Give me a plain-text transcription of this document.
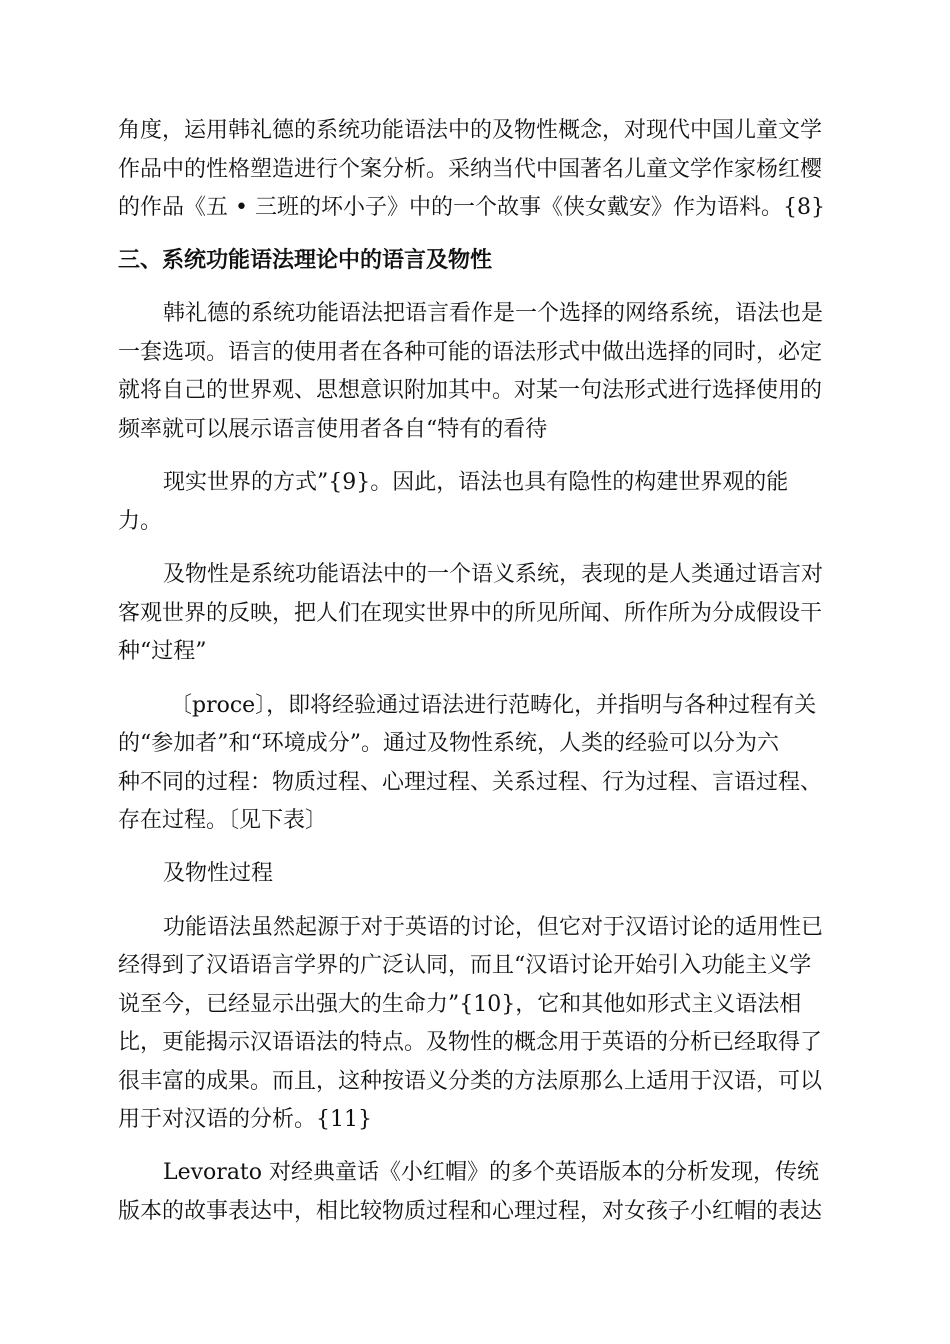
角度，运用韩礼德的系统功能语法中的及物性概念，对现代中国儿童文学
作品中的性格塑造进行个案分析。采纳当代中国著名儿童文学作家杨红樱
的作品《五 • 三班的坏小子》中的一个故事《侠女戴安》作为语料。{8}
三、系统功能语法理论中的语言及物性
韩礼德的系统功能语法把语言看作是一个选择的网络系统，语法也是
一套选项。语言的使用者在各种可能的语法形式中做出选择的同时，必定
就将自己的世界观、思想意识附加其中。对某一句法形式进行选择使用的
频率就可以展示语言使用者各自“特有的看待
现实世界的方式”{9}。因此，语法也具有隐性的构建世界观的能
力。
及物性是系统功能语法中的一个语义系统，表现的是人类通过语言对
客观世界的反映，把人们在现实世界中的所见所闻、所作所为分成假设干
种“过程”
〔proce〕，即将经验通过语法进行范畴化，并指明与各种过程有关
的“参加者”和“环境成分”。通过及物性系统，人类的经验可以分为六
种不同的过程：物质过程、心理过程、关系过程、行为过程、言语过程、
存在过程。〔见下表〕
及物性过程
功能语法虽然起源于对于英语的讨论，但它对于汉语讨论的适用性已
经得到了汉语语言学界的广泛认同，而且“汉语讨论开始引入功能主义学
说至今，已经显示出强大的生命力”{10}，它和其他如形式主义语法相
比，更能揭示汉语语法的特点。及物性的概念用于英语的分析已经取得了
很丰富的成果。而且，这种按语义分类的方法原那么上适用于汉语，可以
用于对汉语的分析。{11}
Levorato 对经典童话《小红帽》的多个英语版本的分析发现，传统
版本的故事表达中，相比较物质过程和心理过程，对女孩子小红帽的表达
